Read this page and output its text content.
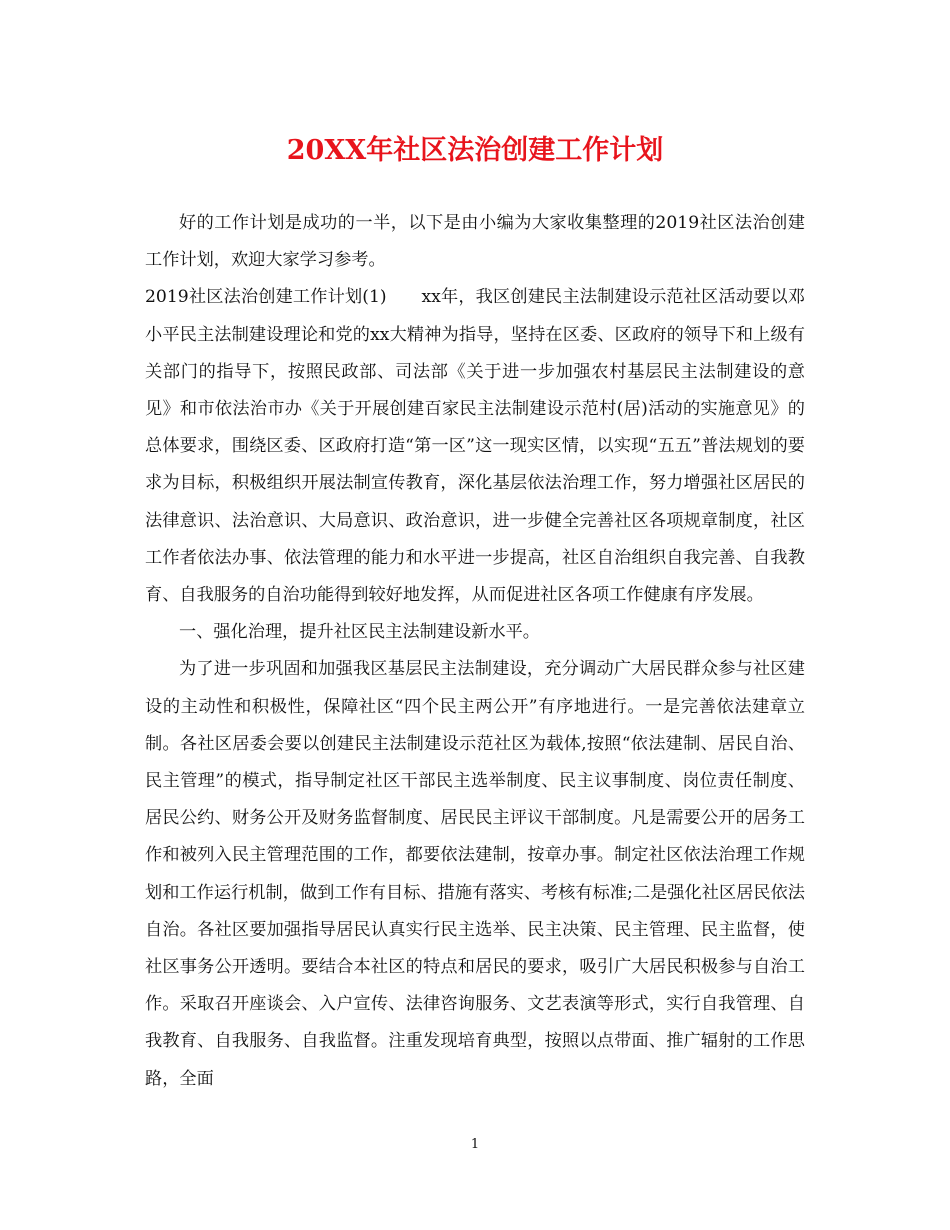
20XX年社区法治创建工作计划

好的工作计划是成功的一半，以下是由小编为大家收集整理的2019社区法治创建工作计划，欢迎大家学习参考。

2019社区法治创建工作计划(1)　　xx年，我区创建民主法制建设示范社区活动要以邓小平民主法制建设理论和党的xx大精神为指导，坚持在区委、区政府的领导下和上级有关部门的指导下，按照民政部、司法部《关于进一步加强农村基层民主法制建设的意见》和市依法治市办《关于开展创建百家民主法制建设示范村(居)活动的实施意见》的总体要求，围绕区委、区政府打造“第一区”这一现实区情，以实现“五五”普法规划的要求为目标，积极组织开展法制宣传教育，深化基层依法治理工作，努力增强社区居民的法律意识、法治意识、大局意识、政治意识，进一步健全完善社区各项规章制度，社区工作者依法办事、依法管理的能力和水平进一步提高，社区自治组织自我完善、自我教育、自我服务的自治功能得到较好地发挥，从而促进社区各项工作健康有序发展。

一、强化治理，提升社区民主法制建设新水平。

为了进一步巩固和加强我区基层民主法制建设，充分调动广大居民群众参与社区建设的主动性和积极性，保障社区“四个民主两公开”有序地进行。一是完善依法建章立制。各社区居委会要以创建民主法制建设示范社区为载体,按照“依法建制、居民自治、民主管理”的模式，指导制定社区干部民主选举制度、民主议事制度、岗位责任制度、居民公约、财务公开及财务监督制度、居民民主评议干部制度。凡是需要公开的居务工作和被列入民主管理范围的工作，都要依法建制，按章办事。制定社区依法治理工作规划和工作运行机制，做到工作有目标、措施有落实、考核有标准;二是强化社区居民依法自治。各社区要加强指导居民认真实行民主选举、民主决策、民主管理、民主监督，使社区事务公开透明。要结合本社区的特点和居民的要求，吸引广大居民积极参与自治工作。采取召开座谈会、入户宣传、法律咨询服务、文艺表演等形式，实行自我管理、自我教育、自我服务、自我监督。注重发现培育典型，按照以点带面、推广辐射的工作思路，全面

1
